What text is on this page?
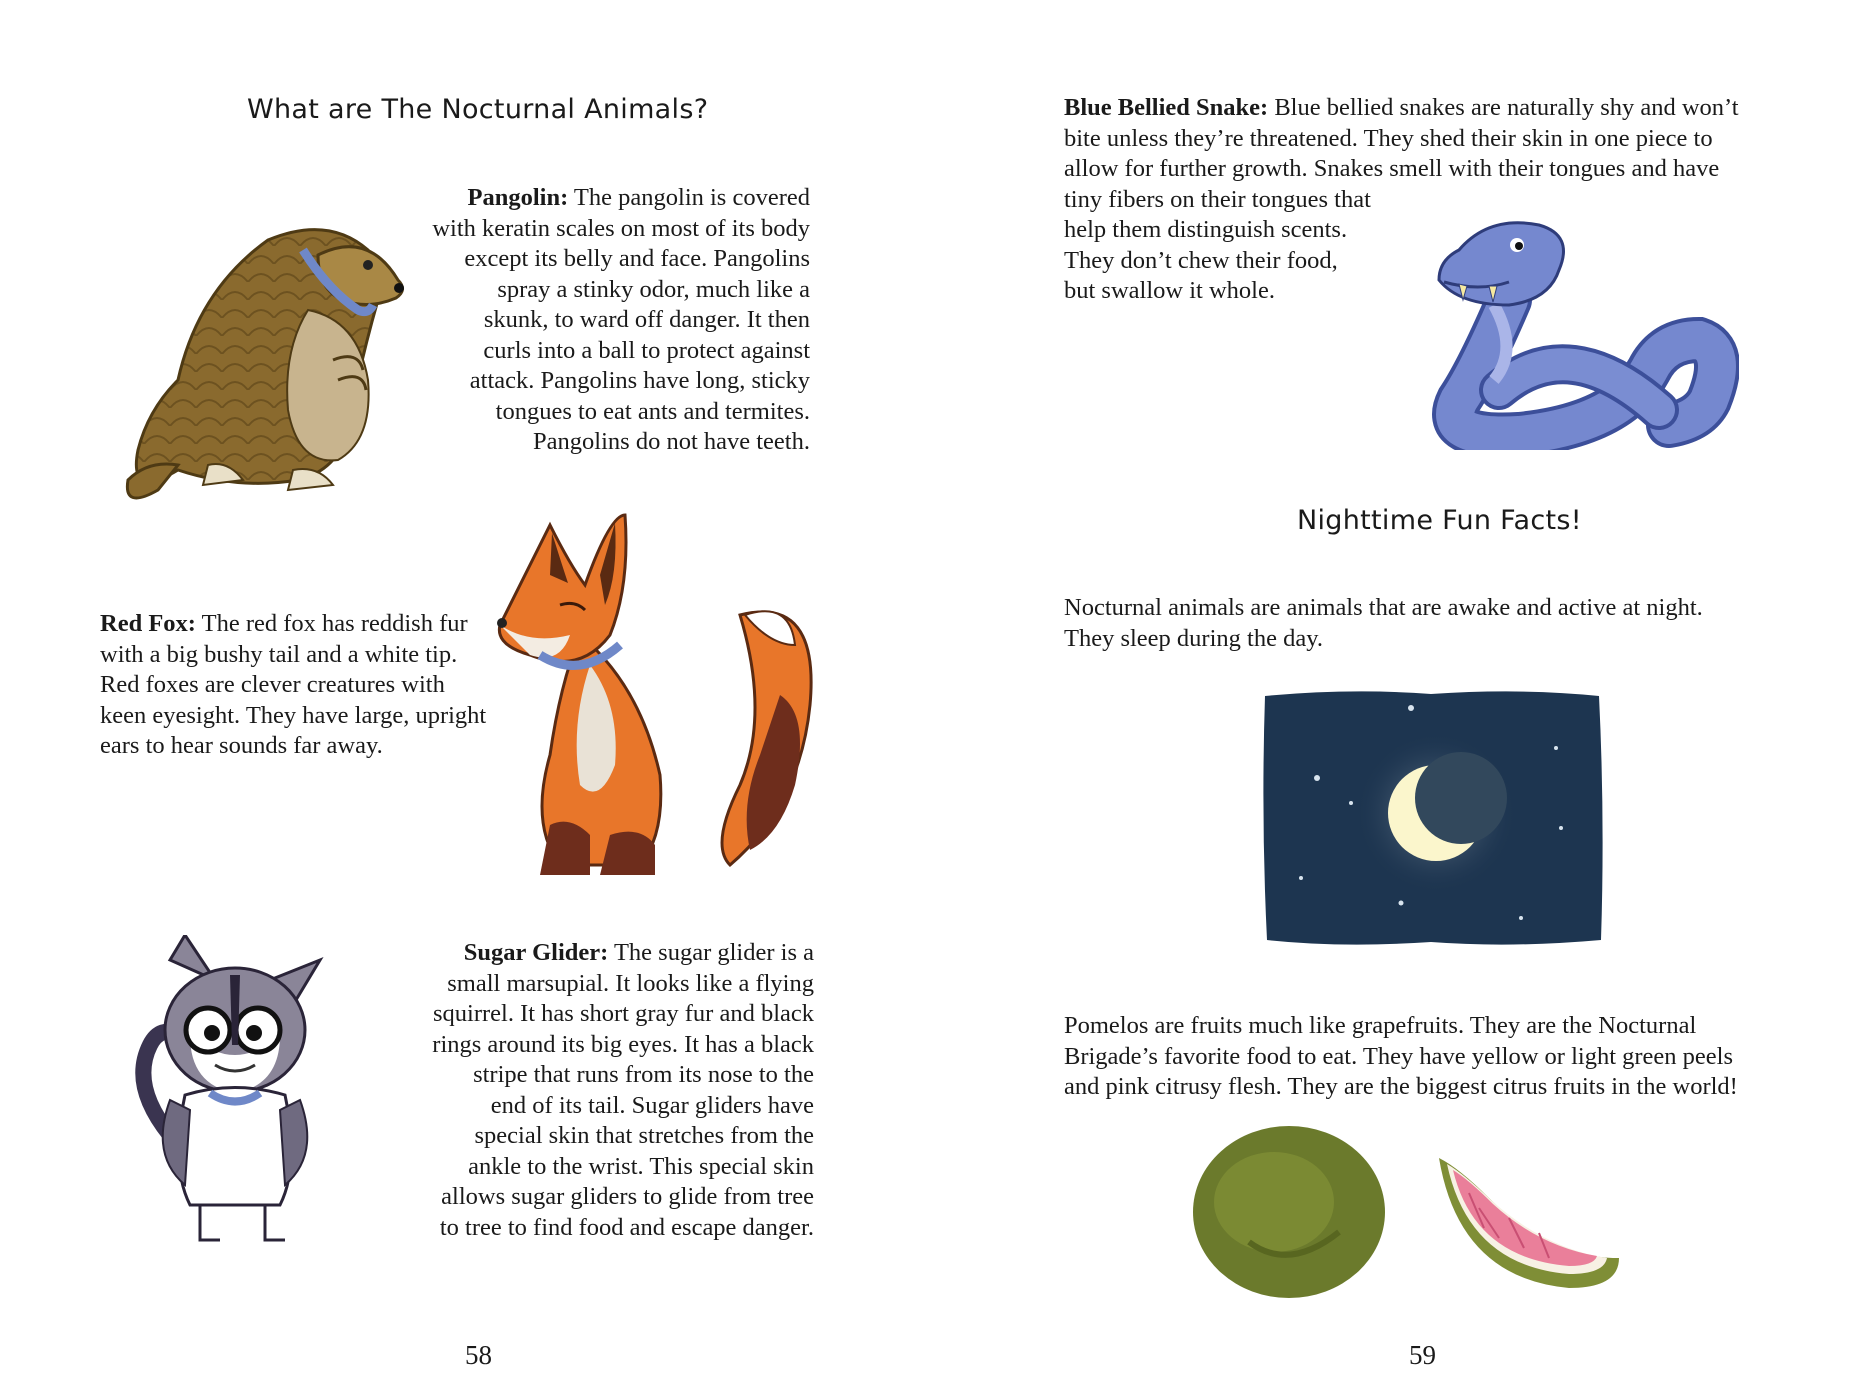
What are The Nocturnal Animals?
Pangolin: The pangolin is covered
with keratin scales on most of its body
except its belly and face. Pangolins
spray a stinky odor, much like a
skunk, to ward off danger. It then
curls into a ball to protect against
attack. Pangolins have long, sticky
tongues to eat ants and termites.
Pangolins do not have teeth.
Red Fox: The red fox has reddish fur
with a big bushy tail and a white tip.
Red foxes are clever creatures with
keen eyesight. They have large, upright
ears to hear sounds far away.
Sugar Glider: The sugar glider is a
small marsupial. It looks like a flying
squirrel. It has short gray fur and black
rings around its big eyes. It has a black
stripe that runs from its nose to the
end of its tail. Sugar gliders have
special skin that stretches from the
ankle to the wrist. This special skin
allows sugar gliders to glide from tree
to tree to find food and escape danger.
58
Blue Bellied Snake: Blue bellied snakes are naturally shy and won’t
bite unless they’re threatened. They shed their skin in one piece to
allow for further growth. Snakes smell with their tongues and have
tiny fibers on their tongues that
help them distinguish scents.
They don’t chew their food,
but swallow it whole.
Nighttime Fun Facts!
Nocturnal animals are animals that are awake and active at night.
They sleep during the day.
Pomelos are fruits much like grapefruits. They are the Nocturnal
Brigade’s favorite food to eat. They have yellow or light green peels
and pink citrusy flesh. They are the biggest citrus fruits in the world!
59
